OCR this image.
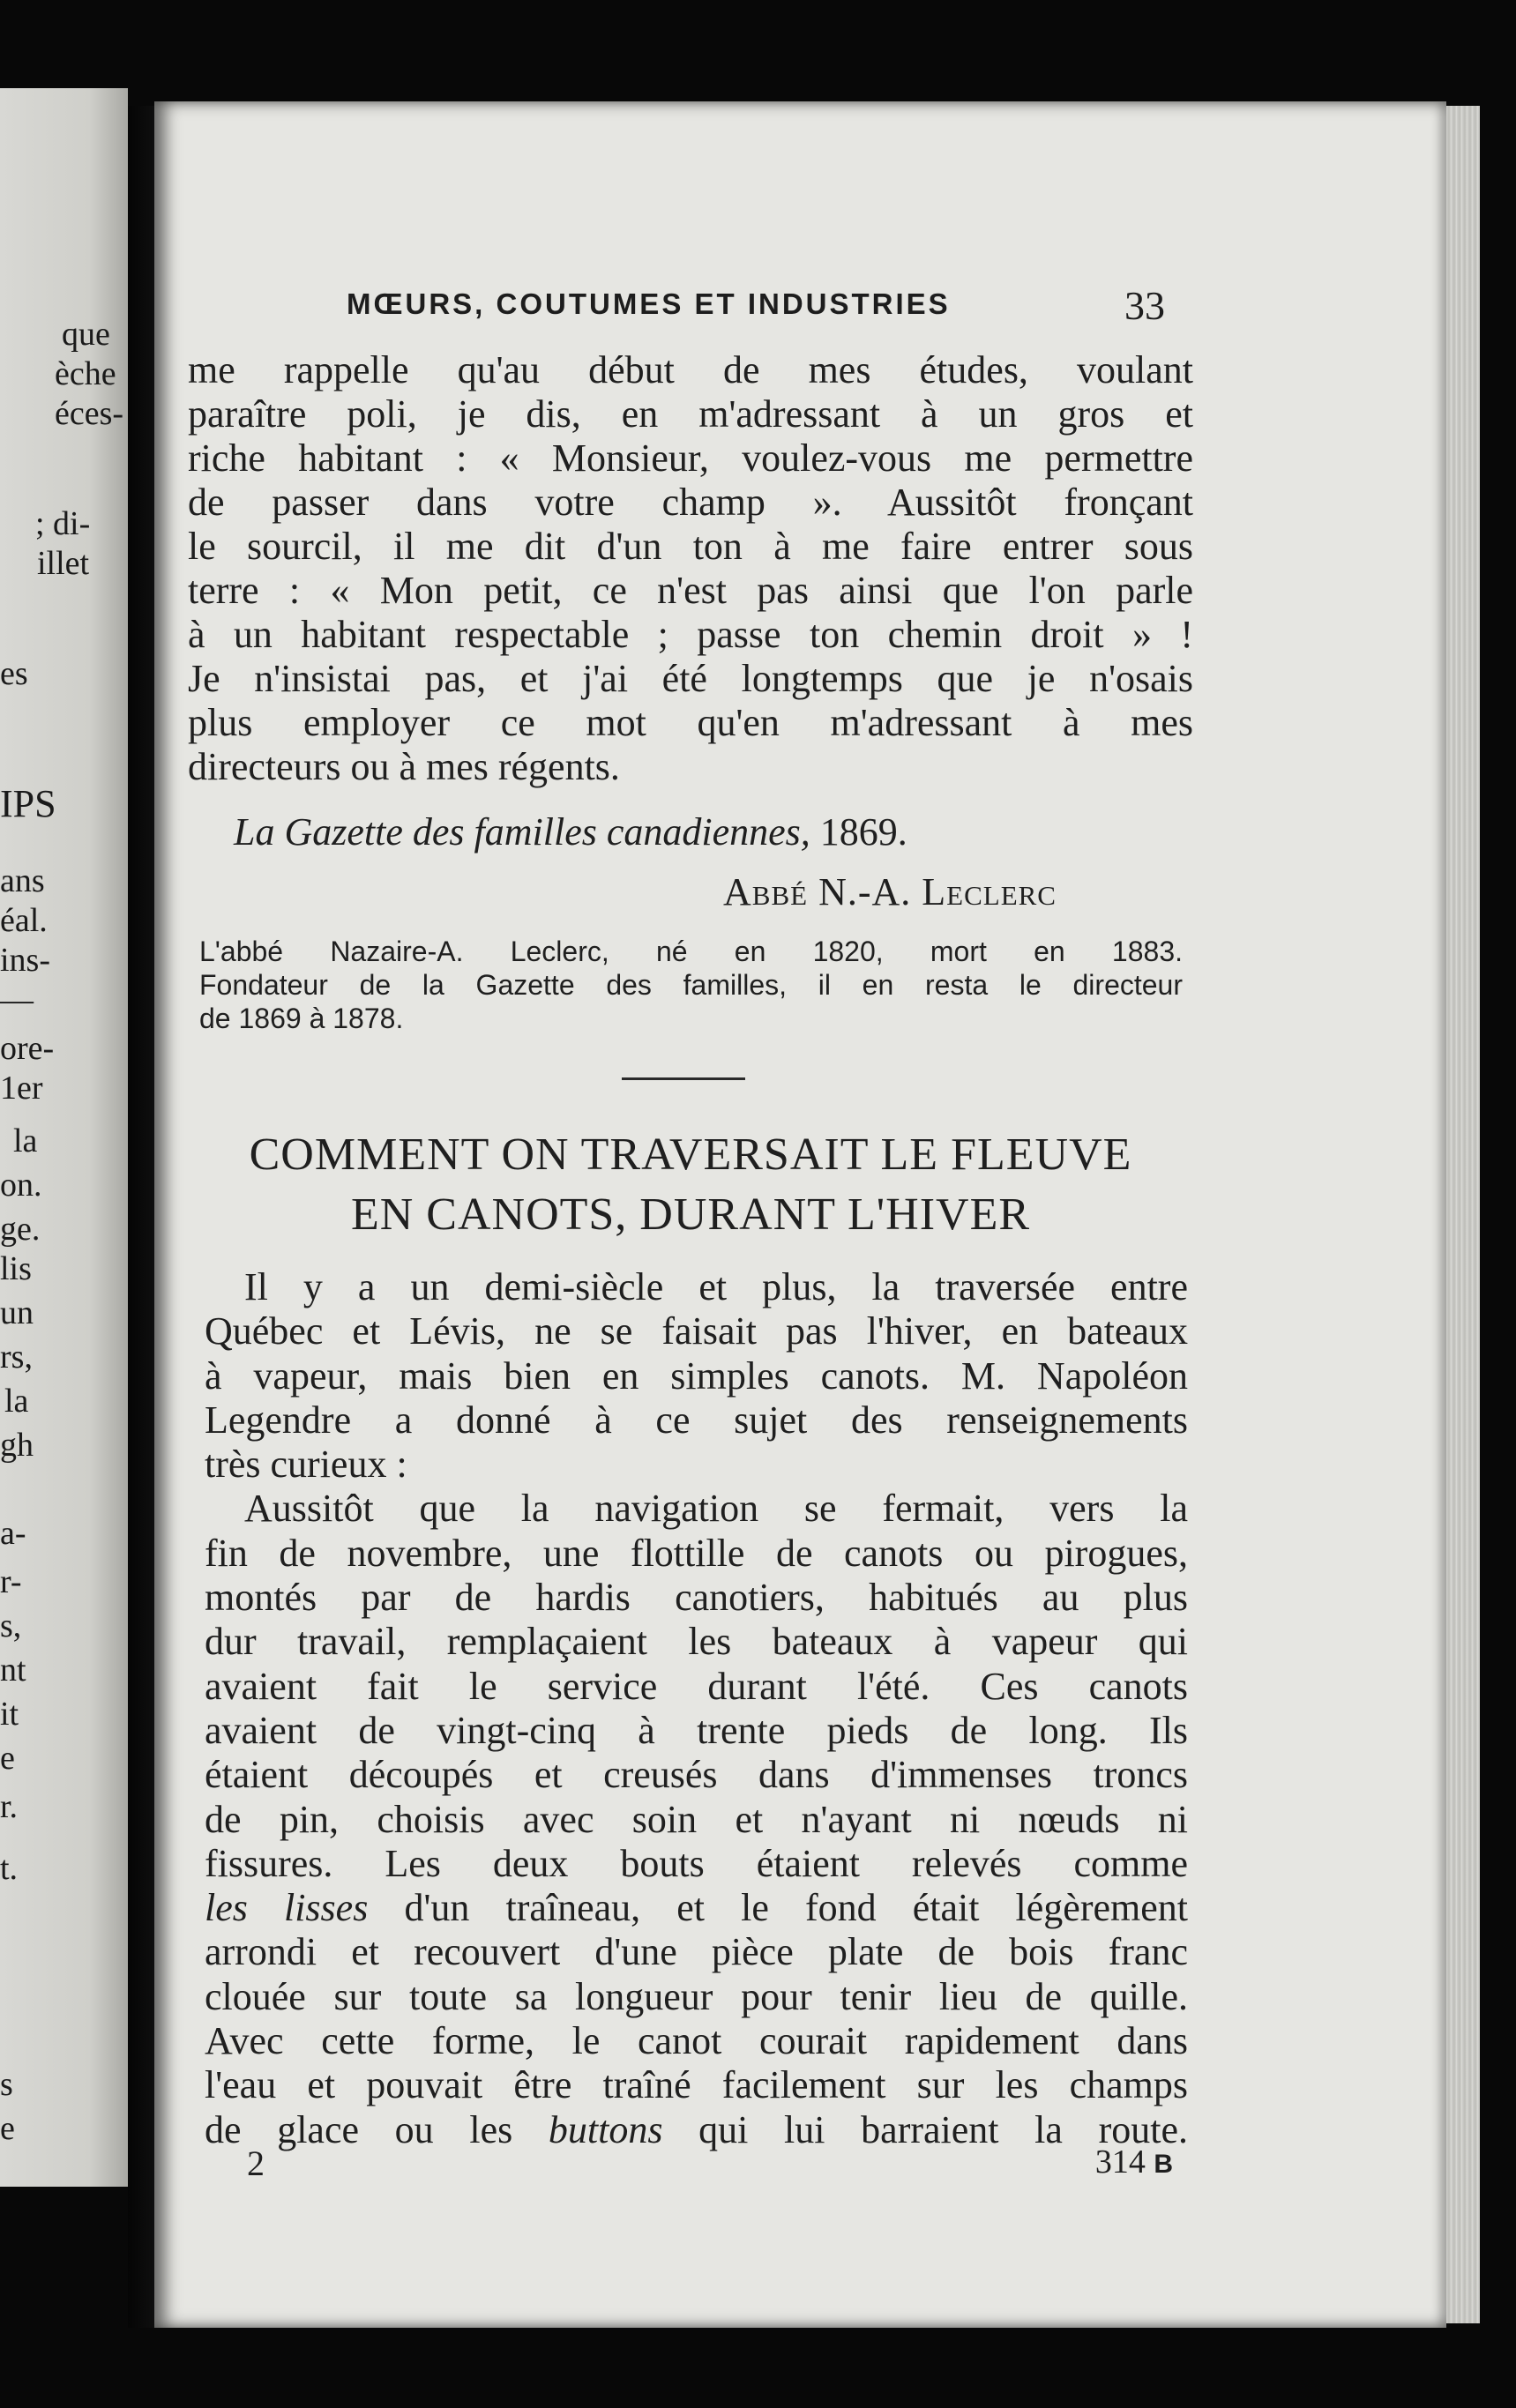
que
èche
éces-
; di-
illet
es
IPS
ans
éal.
ins-
—
ore-
1er
la
on.
ge.
lis
un
rs,
la
gh
a-
r-
s,
nt
it
e
r.
t.
s
e
MŒURS, COUTUMES ET INDUSTRIES	33
me rappelle qu'au début de mes études, voulant
paraître poli, je dis, en m'adressant à un gros et
riche habitant : « Monsieur, voulez-vous me permettre
de passer dans votre champ ». Aussitôt fronçant
le sourcil, il me dit d'un ton à me faire entrer sous
terre : « Mon petit, ce n'est pas ainsi que l'on parle
à un habitant respectable ; passe ton chemin droit » !
Je n'insistai pas, et j'ai été longtemps que je n'osais
plus employer ce mot qu'en m'adressant à mes
directeurs ou à mes régents.
La Gazette des familles canadiennes, 1869.
Abbé N.-A. Leclerc
L'abbé Nazaire-A. Leclerc, né en 1820, mort en 1883.
Fondateur de la Gazette des familles, il en resta le directeur
de 1869 à 1878.
COMMENT ON TRAVERSAIT LE FLEUVE
EN CANOTS, DURANT L'HIVER
Il y a un demi-siècle et plus, la traversée entre
Québec et Lévis, ne se faisait pas l'hiver, en bateaux
à vapeur, mais bien en simples canots. M. Napoléon
Legendre a donné à ce sujet des renseignements
très curieux :
Aussitôt que la navigation se fermait, vers la
fin de novembre, une flottille de canots ou pirogues,
montés par de hardis canotiers, habitués au plus
dur travail, remplaçaient les bateaux à vapeur qui
avaient fait le service durant l'été. Ces canots
avaient de vingt-cinq à trente pieds de long. Ils
étaient découpés et creusés dans d'immenses troncs
de pin, choisis avec soin et n'ayant ni nœuds ni
fissures. Les deux bouts étaient relevés comme
les lisses d'un traîneau, et le fond était légèrement
arrondi et recouvert d'une pièce plate de bois franc
clouée sur toute sa longueur pour tenir lieu de quille.
Avec cette forme, le canot courait rapidement dans
l'eau et pouvait être traîné facilement sur les champs
de glace ou les buttons qui lui barraient la route.
2	314 B
